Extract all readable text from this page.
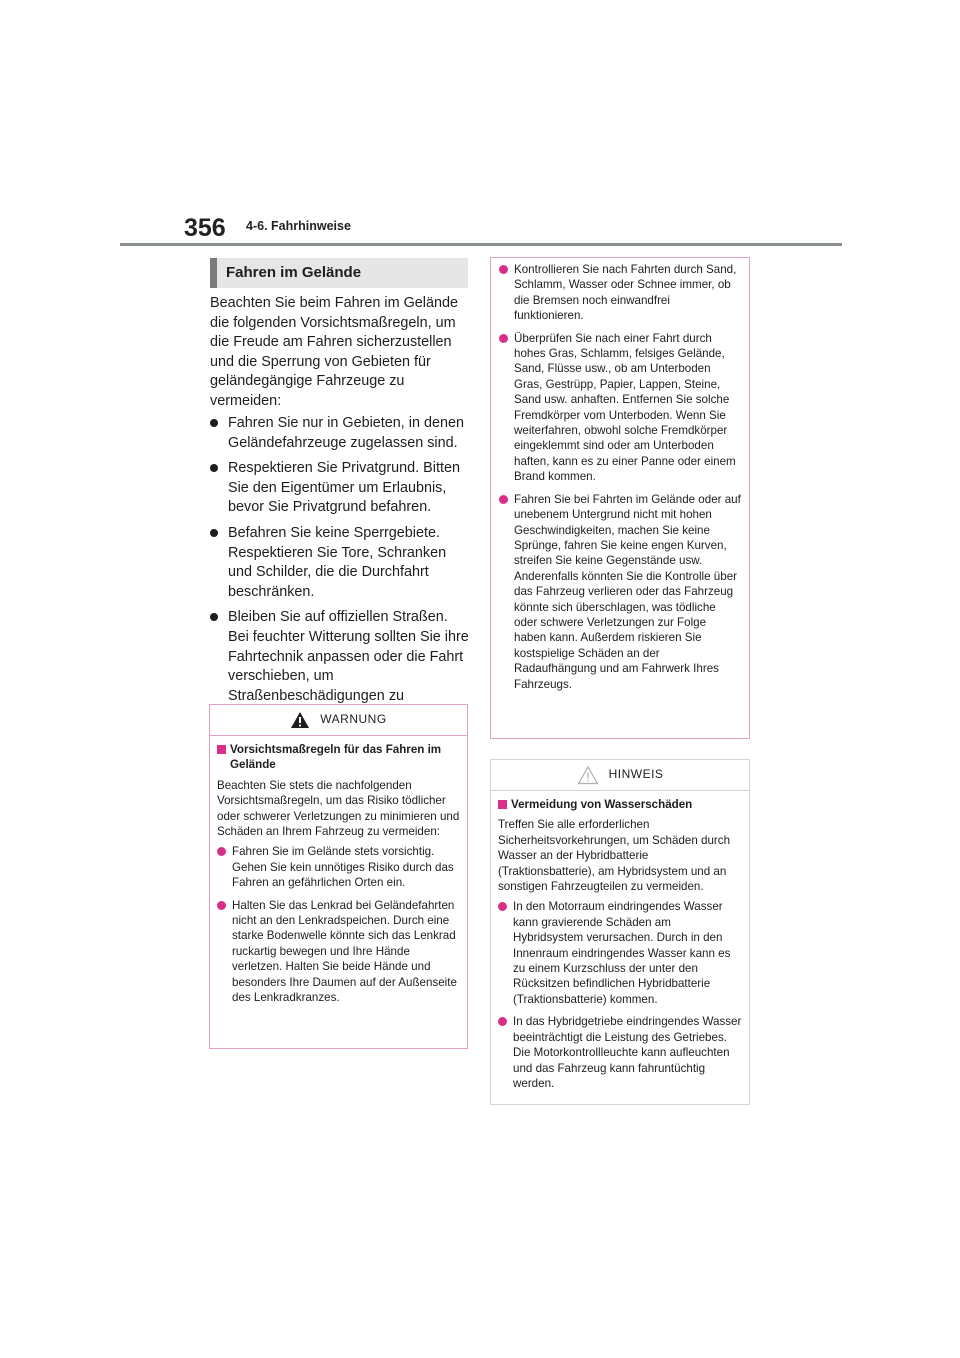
356 4-6. Fahrhinweise
Fahren im Gelände

Beachten Sie beim Fahren im Gelände die folgenden Vorsichtsmaßregeln, um die Freude am Fahren sicherzustellen und die Sperrung von Gebieten für geländegängige Fahrzeuge zu vermeiden:

Fahren Sie nur in Gebieten, in denen Geländefahrzeuge zugelassen sind.
Respektieren Sie Privatgrund. Bitten Sie den Eigentümer um Erlaubnis, bevor Sie Privatgrund befahren.
Befahren Sie keine Sperrgebiete. Respektieren Sie Tore, Schranken und Schilder, die die Durchfahrt beschränken.
Bleiben Sie auf offiziellen Straßen. Bei feuchter Witterung sollten Sie ihre Fahrtechnik anpassen oder die Fahrt verschieben, um Straßenbeschädigungen zu
WARNUNG
Vorsichtsmaßregeln für das Fahren im Gelände

Beachten Sie stets die nachfolgenden Vorsichtsmaßregeln, um das Risiko tödlicher oder schwerer Verletzungen zu minimieren und Schäden an Ihrem Fahrzeug zu vermeiden:

Fahren Sie im Gelände stets vorsichtig. Gehen Sie kein unnötiges Risiko durch das Fahren an gefährlichen Orten ein.
Halten Sie das Lenkrad bei Geländefahrten nicht an den Lenkradspeichen. Durch eine starke Bodenwelle könnte sich das Lenkrad ruckartig bewegen und Ihre Hände verletzen. Halten Sie beide Hände und besonders Ihre Daumen auf der Außenseite des Lenkradkranzes.
Kontrollieren Sie nach Fahrten durch Sand, Schlamm, Wasser oder Schnee immer, ob die Bremsen noch einwandfrei funktionieren.
Überprüfen Sie nach einer Fahrt durch hohes Gras, Schlamm, felsiges Gelände, Sand, Flüsse usw., ob am Unterboden Gras, Gestrüpp, Papier, Lappen, Steine, Sand usw. anhaften. Entfernen Sie solche Fremdkörper vom Unterboden. Wenn Sie weiterfahren, obwohl solche Fremdkörper eingeklemmt sind oder am Unterboden haften, kann es zu einer Panne oder einem Brand kommen.
Fahren Sie bei Fahrten im Gelände oder auf unebenem Untergrund nicht mit hohen Geschwindigkeiten, machen Sie keine Sprünge, fahren Sie keine engen Kurven, streifen Sie keine Gegenstände usw. Anderenfalls könnten Sie die Kontrolle über das Fahrzeug verlieren oder das Fahrzeug könnte sich überschlagen, was tödliche oder schwere Verletzungen zur Folge haben kann. Außerdem riskieren Sie kostspielige Schäden an der Radaufhängung und am Fahrwerk Ihres Fahrzeugs.
HINWEIS
Vermeidung von Wasserschäden

Treffen Sie alle erforderlichen Sicherheitsvorkehrungen, um Schäden durch Wasser an der Hybridbatterie (Traktionsbatterie), am Hybridsystem und an sonstigen Fahrzeugteilen zu vermeiden.

In den Motorraum eindringendes Wasser kann gravierende Schäden am Hybridsystem verursachen. Durch in den Innenraum eindringendes Wasser kann es zu einem Kurzschluss der unter den Rücksitzen befindlichen Hybridbatterie (Traktionsbatterie) kommen.
In das Hybridgetriebe eindringendes Wasser beeinträchtigt die Leistung des Getriebes. Die Motorkontrollleuchte kann aufleuchten und das Fahrzeug kann fahruntüchtig werden.
